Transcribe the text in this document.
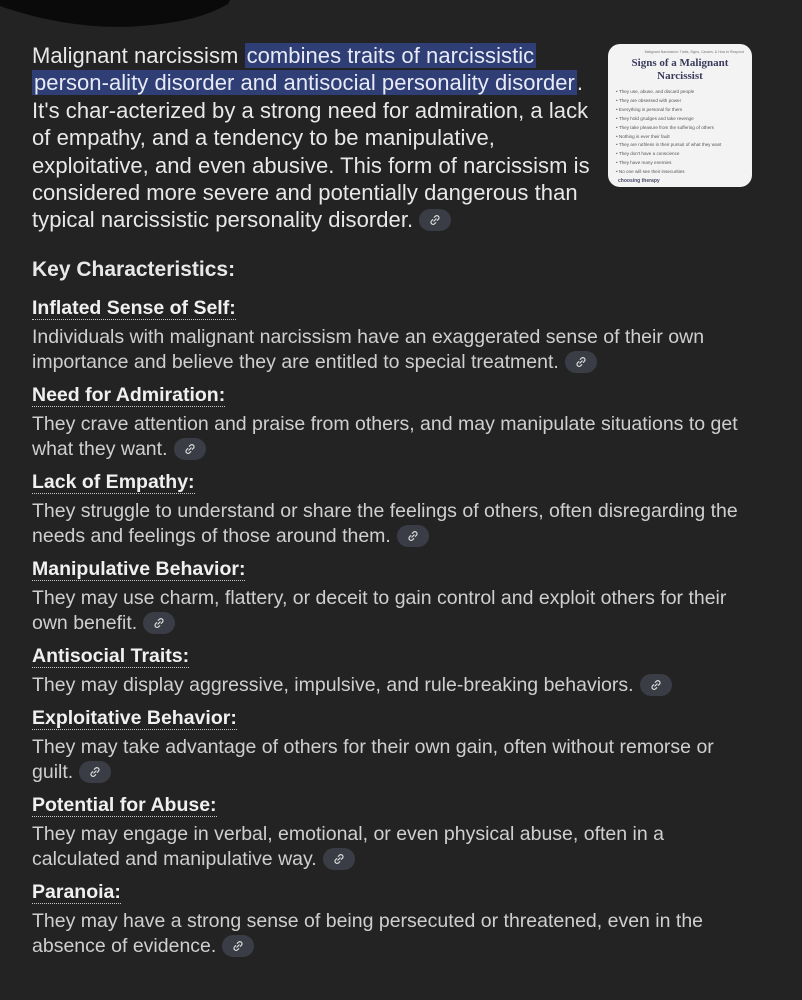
Malignant narcissism combines traits of narcissistic person-ality disorder and antisocial personality disorder. It's char-acterized by a strong need for admiration, a lack of empathy, and a tendency to be manipulative, exploitative, and even abusive. This form of narcissism is considered more severe and potentially dangerous than typical narcissistic personality disorder.

Malignant Narcissism: Traits, Signs, Causes, & How to Respond
Signs of a Malignant Narcissist
• They use, abuse, and discard people
• They are obsessed with power
• Everything is personal for them
• They hold grudges and take revenge
• They take pleasure from the suffering of others
• Nothing is ever their fault
• They are ruthless in their pursuit of what they want
• They don't have a conscience
• They have many enemies
• No one will see their insecurities
choosing therapy
Key Characteristics:
Inflated Sense of Self:

Individuals with malignant narcissism have an exaggerated sense of their own importance and believe they are entitled to special treatment.

Need for Admiration:

They crave attention and praise from others, and may manipulate situations to get what they want.

Lack of Empathy:

They struggle to understand or share the feelings of others, often disregarding the needs and feelings of those around them.

Manipulative Behavior:

They may use charm, flattery, or deceit to gain control and exploit others for their own benefit.

Antisocial Traits:

They may display aggressive, impulsive, and rule-breaking behaviors.

Exploitative Behavior:

They may take advantage of others for their own gain, often without remorse or guilt.

Potential for Abuse:

They may engage in verbal, emotional, or even physical abuse, often in a calculated and manipulative way.

Paranoia:

They may have a strong sense of being persecuted or threatened, even in the absence of evidence.
